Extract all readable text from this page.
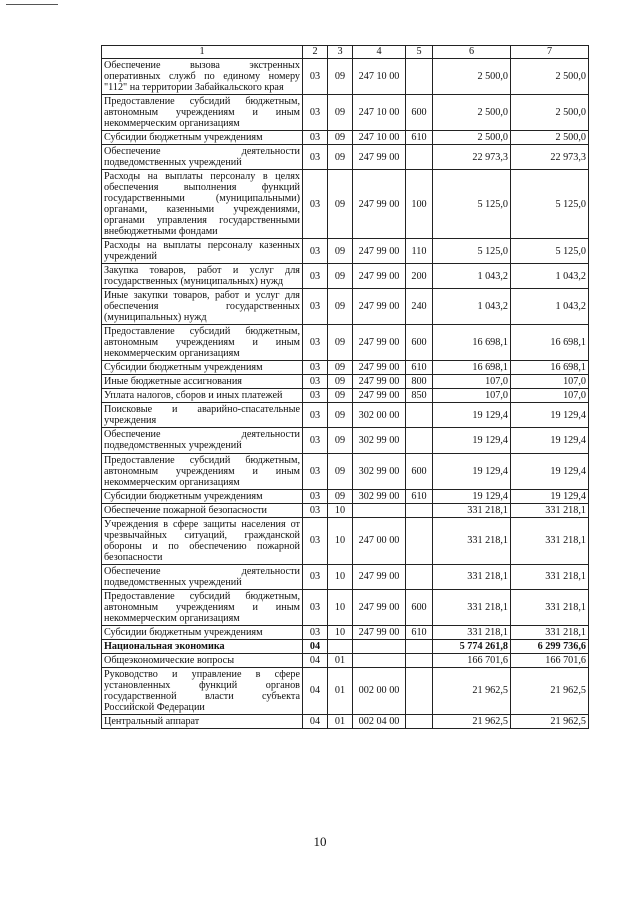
1	2	3	4	5	6	7
Обеспечение вызова экстренных оперативных служб по единому номеру "112" на территории Забайкальского края	03	09	247 10 00		2 500,0	2 500,0
Предоставление субсидий бюджетным, автономным учреждениям и иным некоммерческим организациям	03	09	247 10 00	600	2 500,0	2 500,0
Субсидии бюджетным учреждениям	03	09	247 10 00	610	2 500,0	2 500,0
Обеспечение деятельности подведомственных учреждений	03	09	247 99 00		22 973,3	22 973,3
Расходы на выплаты персоналу в целях обеспечения выполнения функций государственными (муниципальными) органами, казенными учреждениями, органами управления государственными внебюджетными фондами	03	09	247 99 00	100	5 125,0	5 125,0
Расходы на выплаты персоналу казенных учреждений	03	09	247 99 00	110	5 125,0	5 125,0
Закупка товаров, работ и услуг для государственных (муниципальных) нужд	03	09	247 99 00	200	1 043,2	1 043,2
Иные закупки товаров, работ и услуг для обеспечения государственных (муниципальных) нужд	03	09	247 99 00	240	1 043,2	1 043,2
Предоставление субсидий бюджетным, автономным учреждениям и иным некоммерческим организациям	03	09	247 99 00	600	16 698,1	16 698,1
Субсидии бюджетным учреждениям	03	09	247 99 00	610	16 698,1	16 698,1
Иные бюджетные ассигнования	03	09	247 99 00	800	107,0	107,0
Уплата налогов, сборов и иных платежей	03	09	247 99 00	850	107,0	107,0
Поисковые и аварийно-спасательные учреждения	03	09	302 00 00		19 129,4	19 129,4
Обеспечение деятельности подведомственных учреждений	03	09	302 99 00		19 129,4	19 129,4
Предоставление субсидий бюджетным, автономным учреждениям и иным некоммерческим организациям	03	09	302 99 00	600	19 129,4	19 129,4
Субсидии бюджетным учреждениям	03	09	302 99 00	610	19 129,4	19 129,4
Обеспечение пожарной безопасности	03	10			331 218,1	331 218,1
Учреждения в сфере защиты населения от чрезвычайных ситуаций, гражданской обороны и по обеспечению пожарной безопасности	03	10	247 00 00		331 218,1	331 218,1
Обеспечение деятельности подведомственных учреждений	03	10	247 99 00		331 218,1	331 218,1
Предоставление субсидий бюджетным, автономным учреждениям и иным некоммерческим организациям	03	10	247 99 00	600	331 218,1	331 218,1
Субсидии бюджетным учреждениям	03	10	247 99 00	610	331 218,1	331 218,1
Национальная экономика	04				5 774 261,8	6 299 736,6
Общеэкономические вопросы	04	01			166 701,6	166 701,6
Руководство и управление в сфере установленных функций органов государственной власти субъекта Российской Федерации	04	01	002 00 00		21 962,5	21 962,5
Центральный аппарат	04	01	002 04 00		21 962,5	21 962,5
10
